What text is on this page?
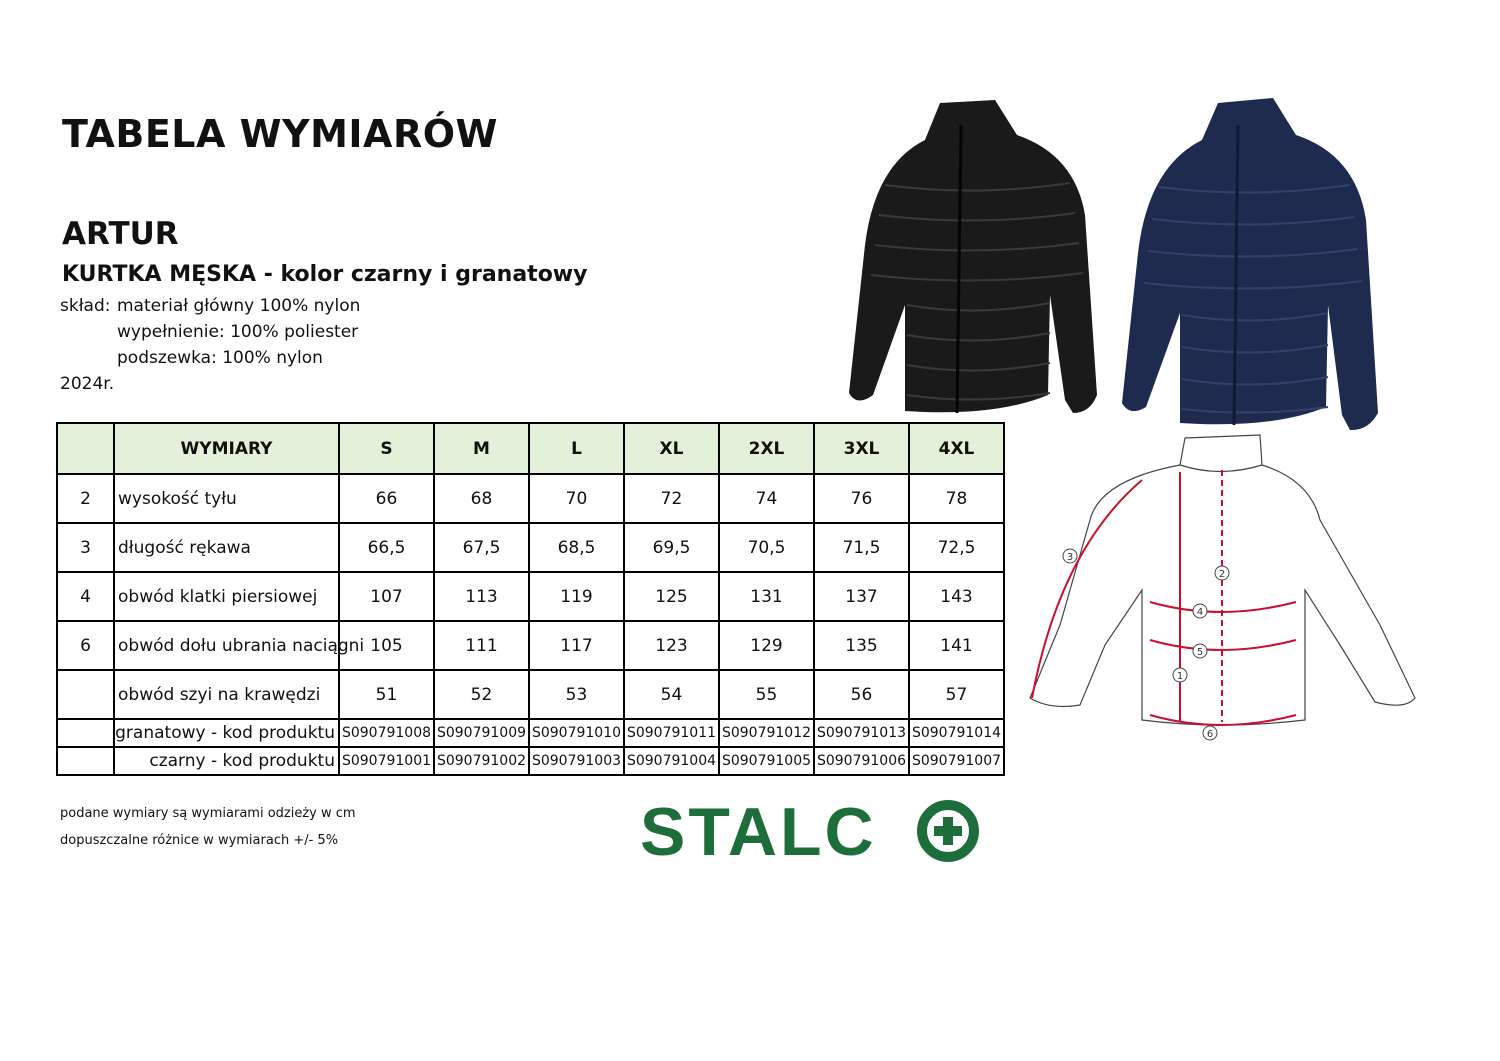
TABELA WYMIARÓW
ARTUR
KURTKA MĘSKA - kolor czarny i granatowy
skład: materiał główny 100% nylon
wypełnienie: 100% poliester
podszewka: 100% nylon
2024r.
	WYMIARY	S	M	L	XL	2XL	3XL	4XL
2	wysokość tyłu	66	68	70	72	74	76	78
3	długość rękawa	66,5	67,5	68,5	69,5	70,5	71,5	72,5
4	obwód klatki piersiowej	107	113	119	125	131	137	143
6	obwód dołu ubrania naciągni	105	111	117	123	129	135	141
	obwód szyi na krawędzi	51	52	53	54	55	56	57
	granatowy - kod produktu	S090791008	S090791009	S090791010	S090791011	S090791012	S090791013	S090791014
	czarny - kod produktu	S090791001	S090791002	S090791003	S090791004	S090791005	S090791006	S090791007
podane wymiary są wymiarami odzieży w cm
dopuszczalne różnice w wymiarach +/- 5%	STALC
1
2
3
4
5
6
